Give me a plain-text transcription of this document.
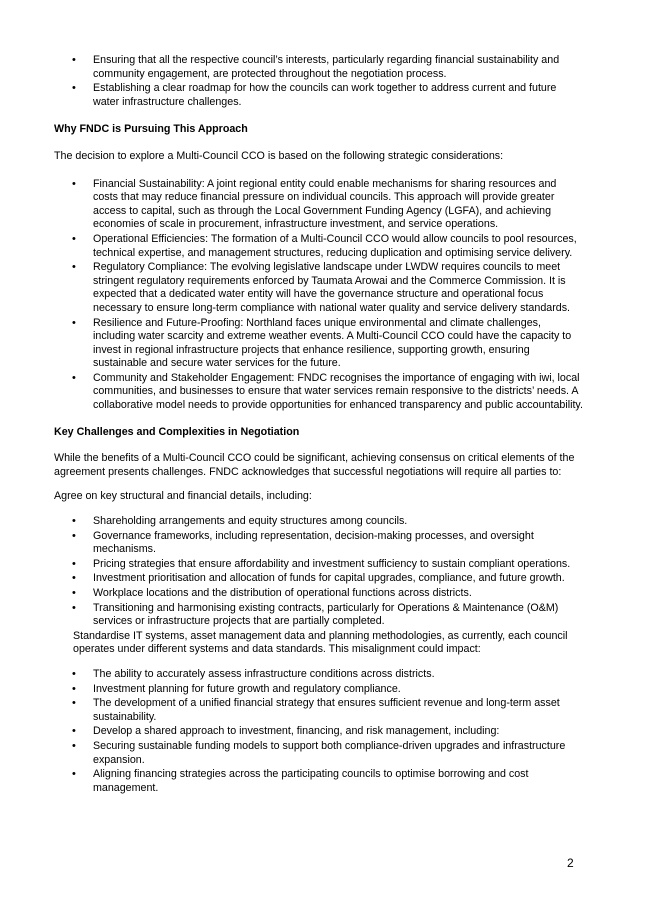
• Ensuring that all the respective council’s interests, particularly regarding financial sustainability and community engagement, are protected throughout the negotiation process.
• Establishing a clear roadmap for how the councils can work together to address current and future water infrastructure challenges.
Why FNDC is Pursuing This Approach

The decision to explore a Multi-Council CCO is based on the following strategic considerations:

• Financial Sustainability: A joint regional entity could enable mechanisms for sharing resources and costs that may reduce financial pressure on individual councils. This approach will provide greater access to capital, such as through the Local Government Funding Agency (LGFA), and achieving economies of scale in procurement, infrastructure investment, and service operations.
• Operational Efficiencies: The formation of a Multi-Council CCO would allow councils to pool resources, technical expertise, and management structures, reducing duplication and optimising service delivery.
• Regulatory Compliance: The evolving legislative landscape under LWDW requires councils to meet stringent regulatory requirements enforced by Taumata Arowai and the Commerce Commission. It is expected that a dedicated water entity will have the governance structure and operational focus necessary to ensure long-term compliance with national water quality and service delivery standards.
• Resilience and Future-Proofing: Northland faces unique environmental and climate challenges, including water scarcity and extreme weather events. A Multi-Council CCO could have the capacity to invest in regional infrastructure projects that enhance resilience, supporting growth, ensuring sustainable and secure water services for the future.
• Community and Stakeholder Engagement: FNDC recognises the importance of engaging with iwi, local communities, and businesses to ensure that water services remain responsive to the districts’ needs. A collaborative model needs to provide opportunities for enhanced transparency and public accountability.
Key Challenges and Complexities in Negotiation

While the benefits of a Multi-Council CCO could be significant, achieving consensus on critical elements of the agreement presents challenges. FNDC acknowledges that successful negotiations will require all parties to:

Agree on key structural and financial details, including:

• Shareholding arrangements and equity structures among councils.
• Governance frameworks, including representation, decision-making processes, and oversight mechanisms.
• Pricing strategies that ensure affordability and investment sufficiency to sustain compliant operations.
• Investment prioritisation and allocation of funds for capital upgrades, compliance, and future growth.
• Workplace locations and the distribution of operational functions across districts.
• Transitioning and harmonising existing contracts, particularly for Operations & Maintenance (O&M) services or infrastructure projects that are partially completed.

Standardise IT systems, asset management data and planning methodologies, as currently, each council operates under different systems and data standards. This misalignment could impact:

• The ability to accurately assess infrastructure conditions across districts.
• Investment planning for future growth and regulatory compliance.
• The development of a unified financial strategy that ensures sufficient revenue and long-term asset sustainability.
• Develop a shared approach to investment, financing, and risk management, including:
• Securing sustainable funding models to support both compliance-driven upgrades and infrastructure expansion.
• Aligning financing strategies across the participating councils to optimise borrowing and cost management.
2
